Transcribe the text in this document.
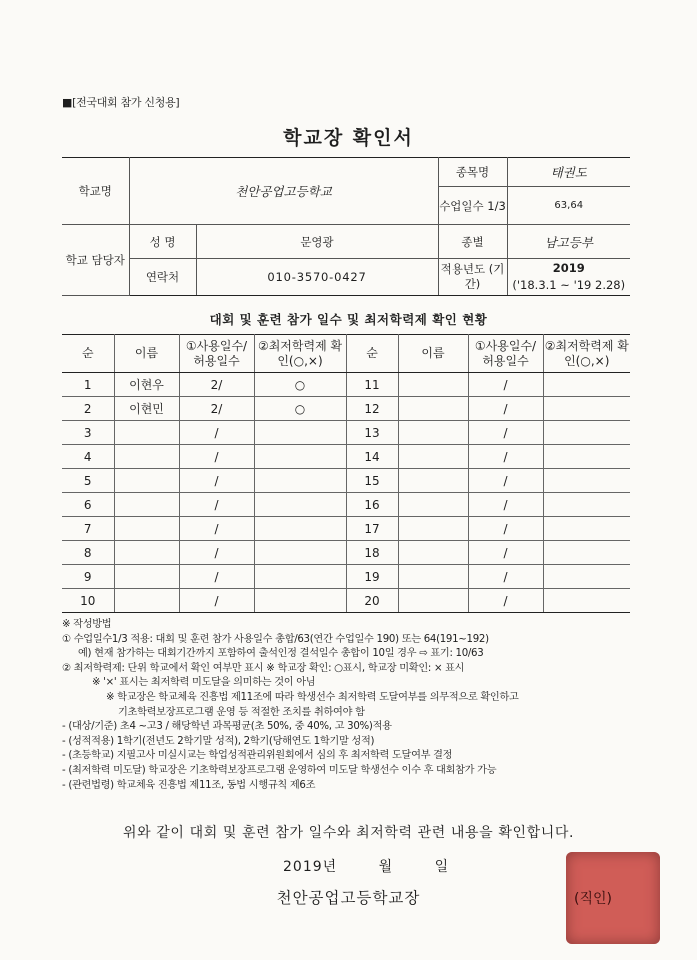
■[전국대회 참가 신청용]
학교장 확인서
학교명	천안공업고등학교		종목명	태권도
			수업일수 1/3	63,64
학교 담당자	성 명	문영광	종별	남고등부
	연락처	010-3570-0427	적용년도 (기간)	2019
('18.3.1 ~ '19 2.28)
대회 및 훈련 참가 일수 및 최저학력제 확인 현황
순	이름	①사용일수/ 허용일수	②최저학력제 확인(○,×)	순	이름	①사용일수/ 허용일수	②최저학력제 확인(○,×)
1	이현우	2/	○	11		/	
2	이현민	2/	○	12		/	
3		/		13		/	
4		/		14		/	
5		/		15		/	
6		/		16		/	
7		/		17		/	
8		/		18		/	
9		/		19		/	
10		/		20		/	
※ 작성방법
① 수업일수1/3 적용: 대회 및 훈련 참가 사용일수 총합/63(연간 수업일수 190) 또는 64(191~192)
예) 현재 참가하는 대회기간까지 포함하여 출석인정 결석일수 총합이 10일 경우 ⇨ 표기: 10/63
② 최저학력제: 단위 학교에서 확인 여부만 표시 ※ 학교장 확인: ○표시, 학교장 미확인: × 표시
※ '×' 표시는 최저학력 미도달을 의미하는 것이 아님
※ 학교장은 학교체육 진흥법 제11조에 따라 학생선수 최저학력 도달여부를 의무적으로 확인하고
기초학력보장프로그램 운영 등 적절한 조치를 취하여야 함
- (대상/기준) 초4 ~고3 / 해당학년 과목평균(초 50%, 중 40%, 고 30%)적용
- (성적적용) 1학기(전년도 2학기말 성적), 2학기(당해연도 1학기말 성적)
- (초등학교) 지필고사 미실시교는 학업성적관리위원회에서 심의 후 최저학력 도달여부 결정
- (최저학력 미도달) 학교장은 기초학력보장프로그램 운영하여 미도달 학생선수 이수 후 대회참가 가능
- (관련법령) 학교체육 진흥법 제11조, 동법 시행규칙 제6조
위와 같이 대회 및 훈련 참가 일수와 최저학력 관련 내용을 확인합니다.
2019년	월	일
천안공업고등학교장	(직인)
